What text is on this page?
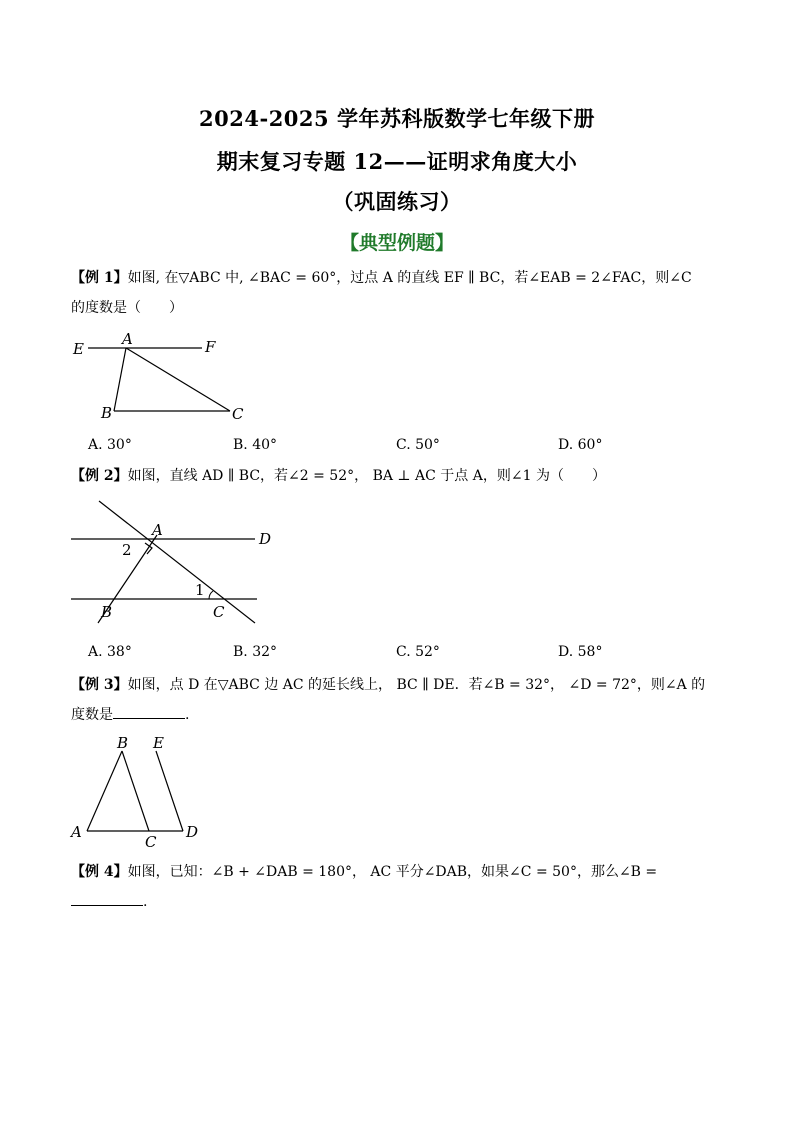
2024-2025 学年苏科版数学七年级下册
期末复习专题 12——证明求角度大小
（巩固练习）
【典型例题】
【例 1】如图, 在▽ABC 中, ∠BAC = 60°，过点 A 的直线 EF ∥ BC，若∠EAB = 2∠FAC，则∠C
的度数是（　　）
E
A	F
B	C
A. 30°	B. 40°	C. 50°	D. 60°
【例 2】如图，直线 AD ∥ BC，若∠2 = 52°， BA ⊥ AC 于点 A，则∠1 为（　　）
A	D
B	C
2
1
A. 38°	B. 32°	C. 52°	D. 58°
【例 3】如图，点 D 在▽ABC 边 AC 的延长线上， BC ∥ DE．若∠B = 32°， ∠D = 72°，则∠A 的
度数是	.
B E
A
C
D
【例 4】如图，已知：∠B + ∠DAB = 180°， AC 平分∠DAB，如果∠C = 50°，那么∠B =
.
